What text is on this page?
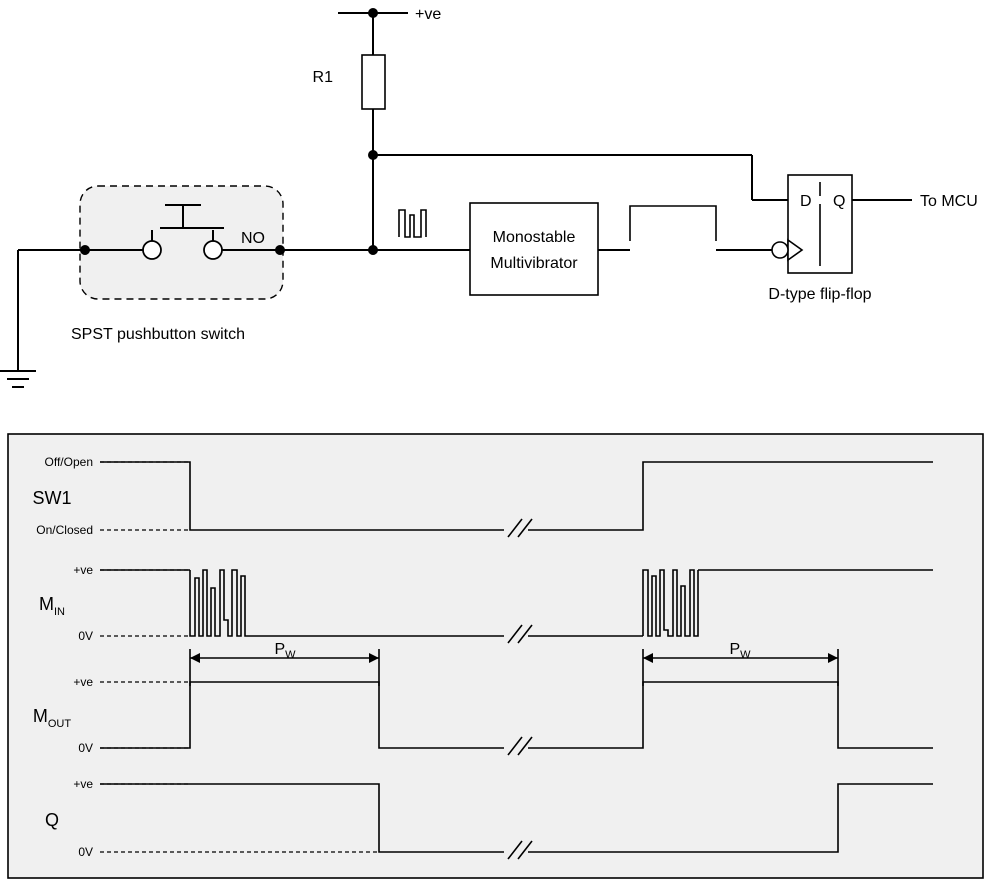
+ve
R1
NO
SPST pushbutton switch
Monostable
Multivibrator
D Q	To MCU
D-type flip-flop
Off/Open
On/Closed
SW1
+ve
0V
$M_{IN}$
$P_W$	$P_W$
+ve
0V
$M_{OUT}$
+ve
0V
Q
